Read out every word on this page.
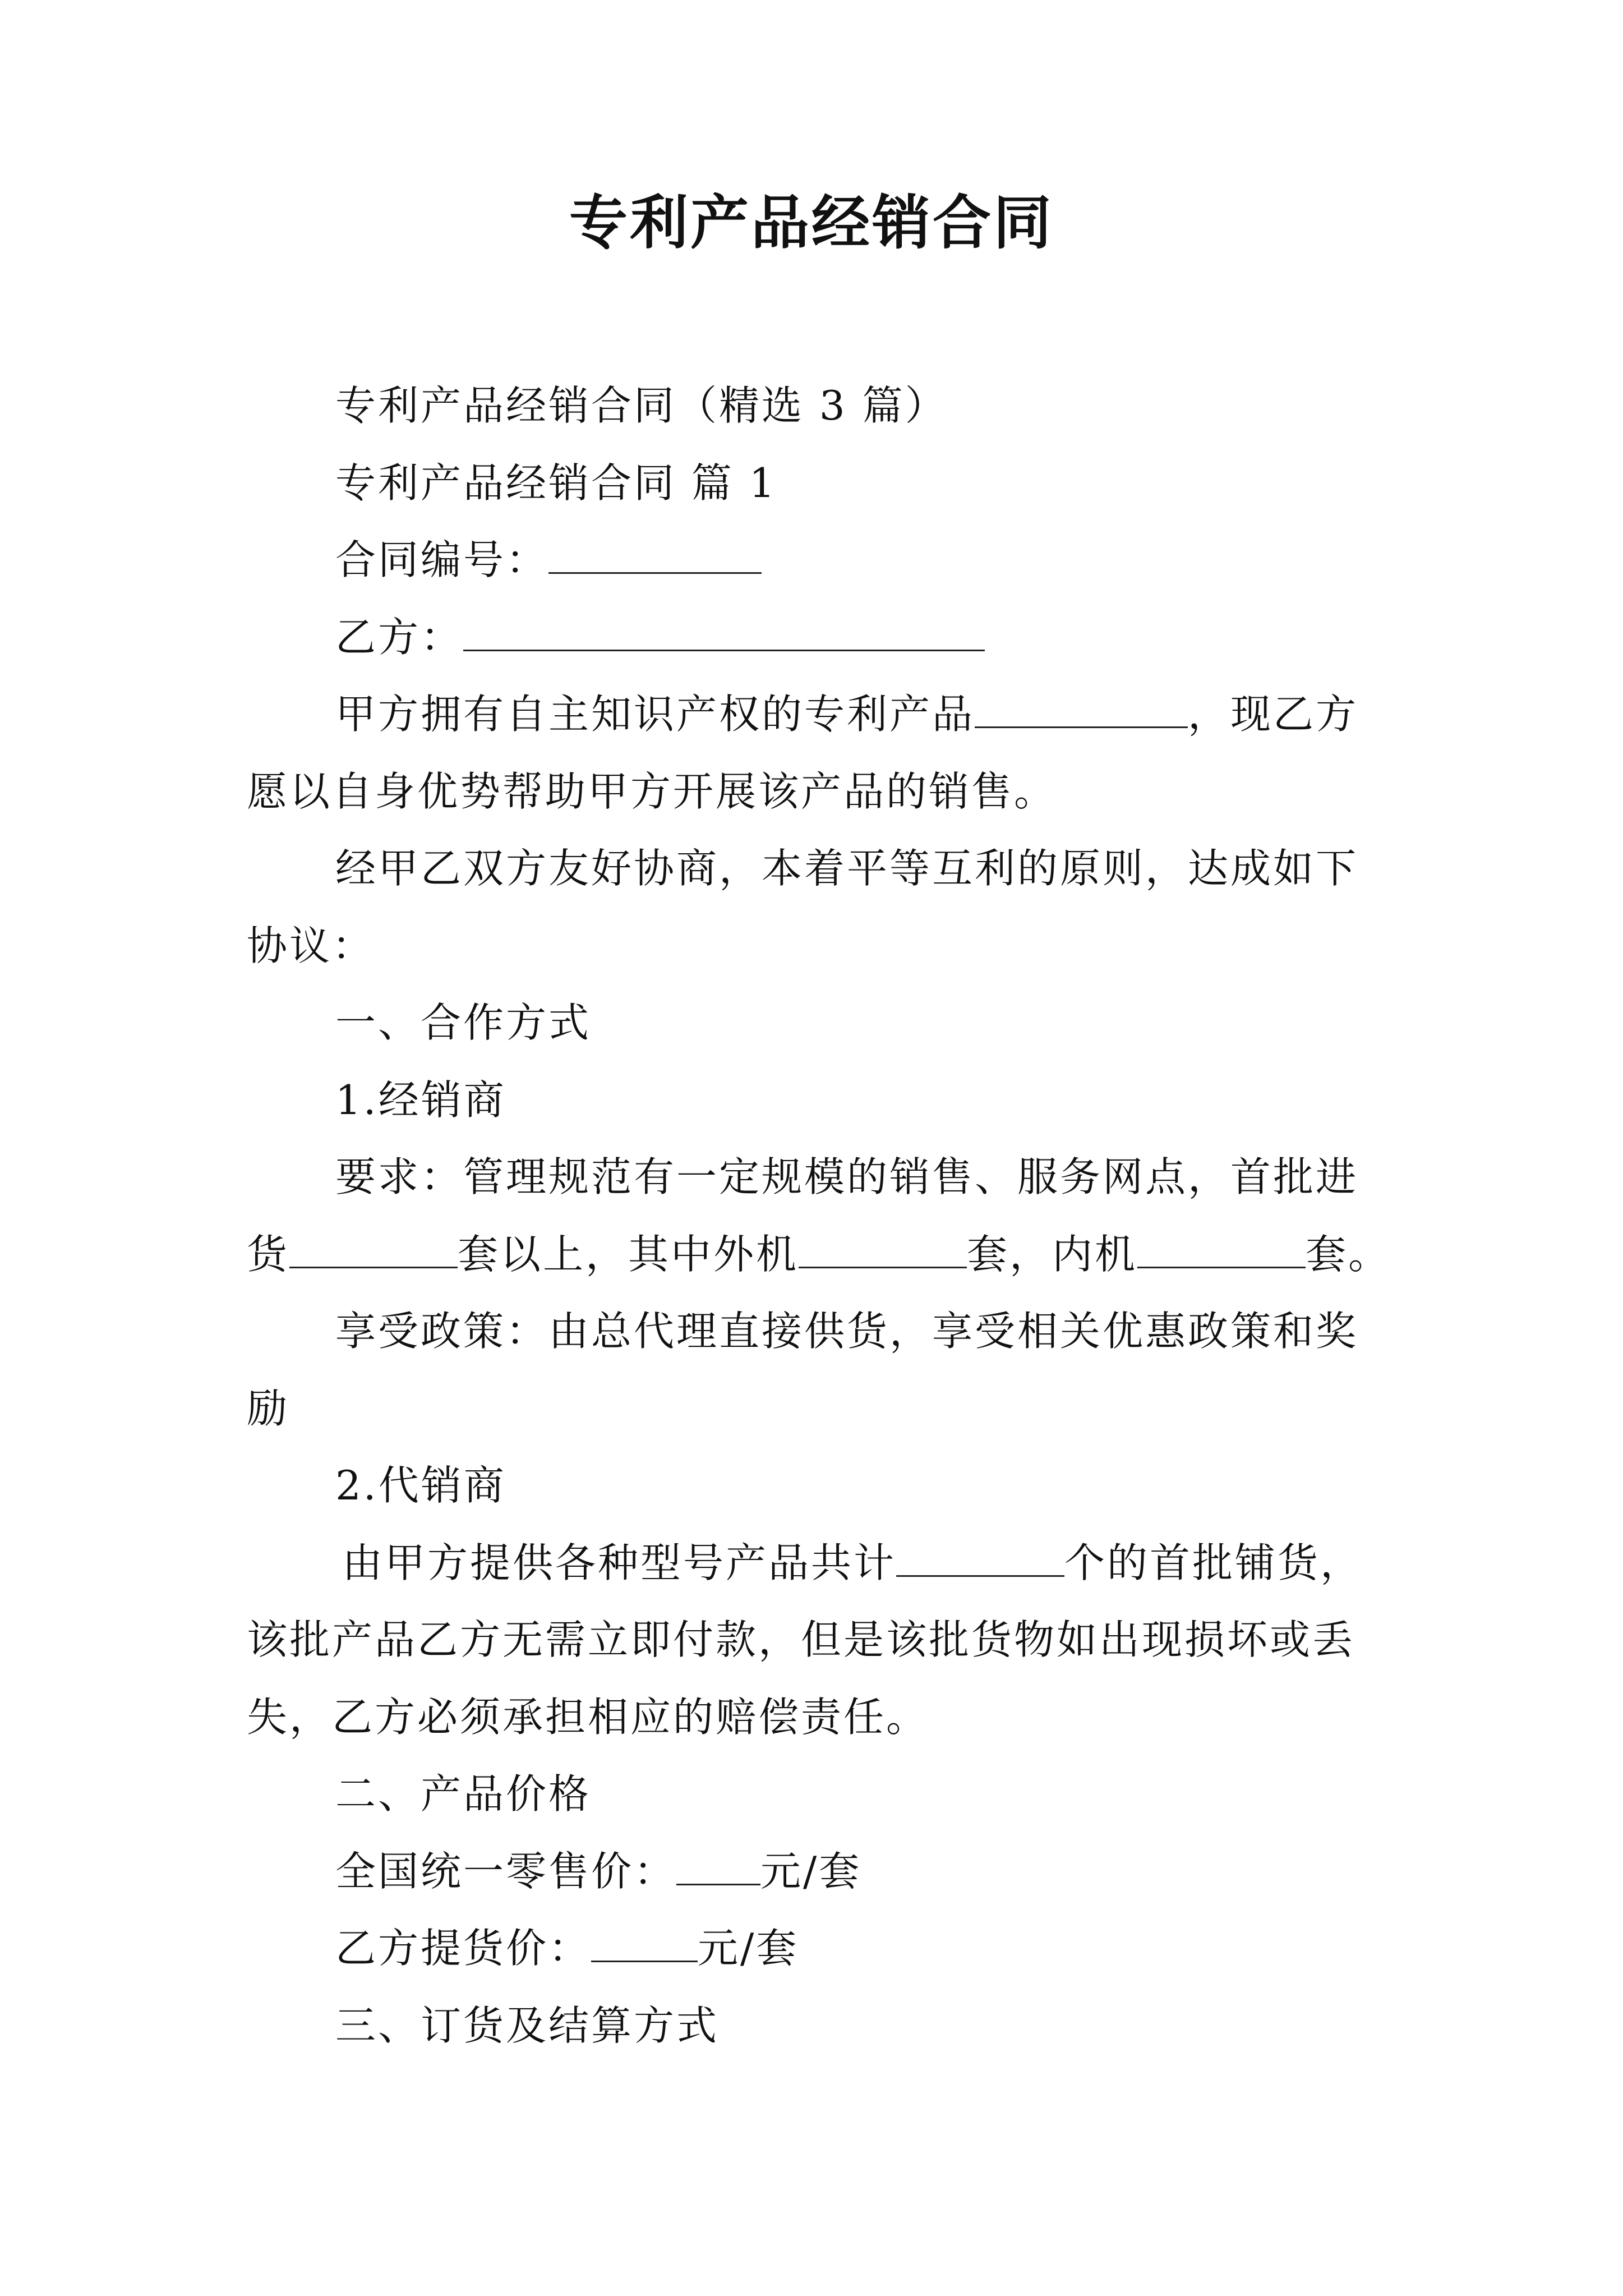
专利产品经销合同
专利产品经销合同（精选 3 篇）
专利产品经销合同 篇 1
合同编号：
乙方：
甲方拥有自主知识产权的专利产品	，现乙方
愿以自身优势帮助甲方开展该产品的销售。
经甲乙双方友好协商，本着平等互利的原则，达成如下
协议：
一、合作方式
1.经销商
要求：管理规范有一定规模的销售、服务网点，首批进
货	套以上，其中外机	套，内机	套。
享受政策：由总代理直接供货，享受相关优惠政策和奖
励
2.代销商
由甲方提供各种型号产品共计	个的首批铺货，
该批产品乙方无需立即付款，但是该批货物如出现损坏或丢
失，乙方必须承担相应的赔偿责任。
二、产品价格
全国统一零售价： 元/套
乙方提货价：	元/套
三、订货及结算方式
